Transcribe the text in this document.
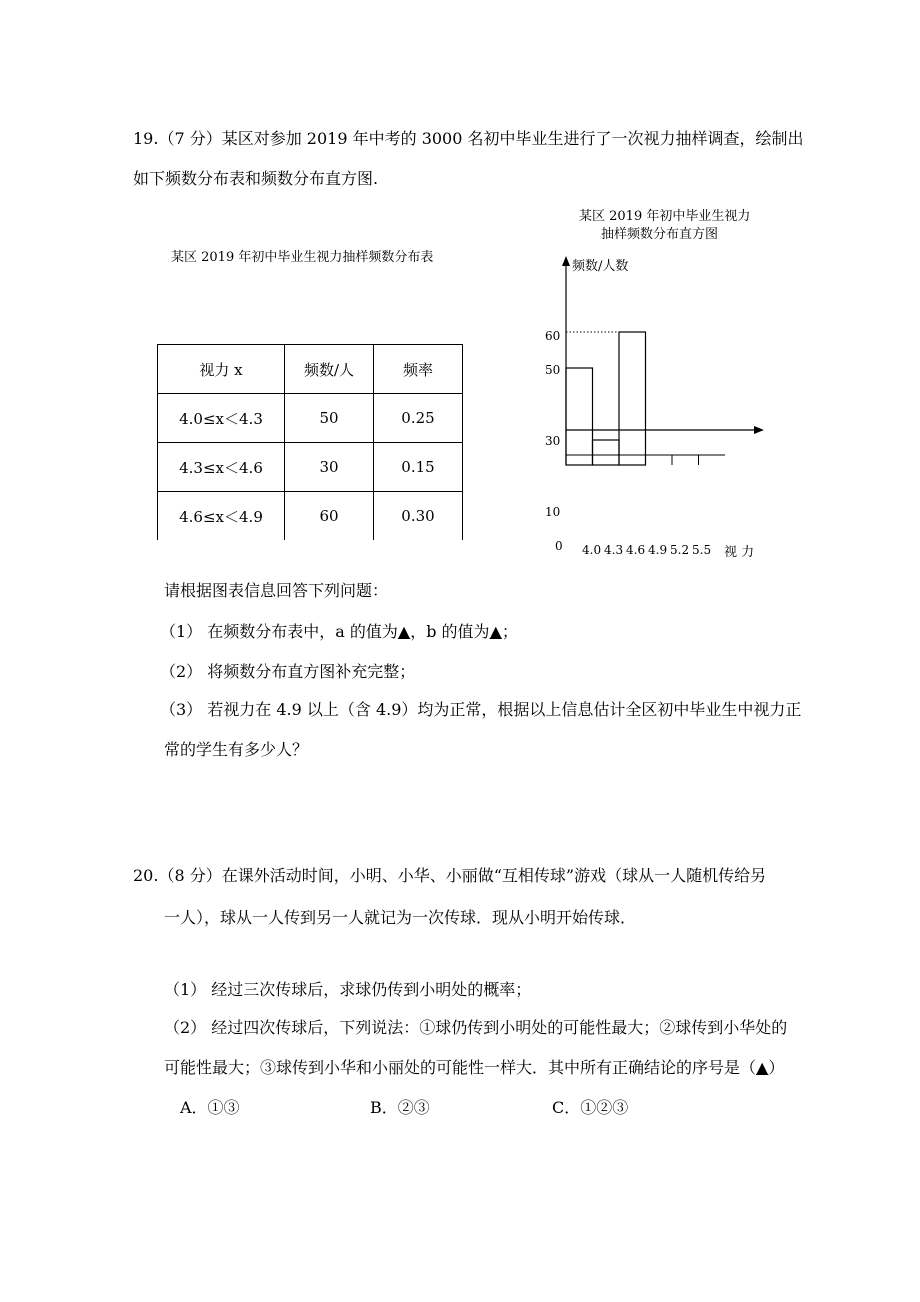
19.（7 分）某区对参加 2019 年中考的 3000 名初中毕业生进行了一次视力抽样调查，绘制出
如下频数分布表和频数分布直方图.
某区 2019 年初中毕业生视力抽样频数分布表
视力 x	频数/人	频率
4.0≤x＜4.3	50	0.25
4.3≤x＜4.6	30	0.15
4.6≤x＜4.9	60	0.30
某区 2019 年初中毕业生视力
抽样频数分布直方图
频数/人数
视 力
60
50
30
10
0 4.0 4.3 4.6 4.9 5.2 5.5
请根据图表信息回答下列问题：
（1） 在频数分布表中，a 的值为▲，b 的值为▲；
（2） 将频数分布直方图补充完整；
（3） 若视力在 4.9 以上（含 4.9）均为正常，根据以上信息估计全区初中毕业生中视力正
常的学生有多少人？
20.（8 分）在课外活动时间，小明、小华、小丽做“互相传球”游戏（球从一人随机传给另
一人），球从一人传到另一人就记为一次传球．现从小明开始传球．
（1） 经过三次传球后，求球仍传到小明处的概率；
（2） 经过四次传球后，下列说法：①球仍传到小明处的可能性最大；②球传到小华处的
可能性最大；③球传到小华和小丽处的可能性一样大．其中所有正确结论的序号是（▲）
A．①③	B．②③	C．①②③
